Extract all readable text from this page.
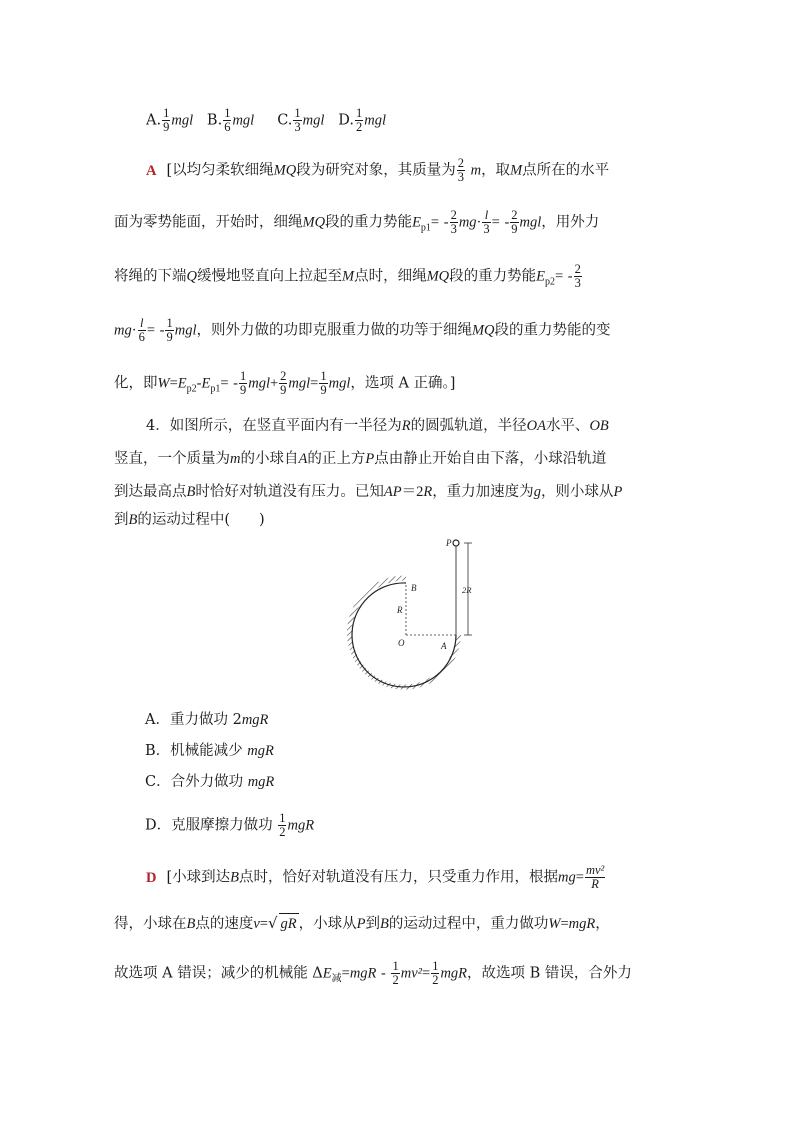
A. $\frac{1}{9}$ mgl B. $\frac{1}{6}$ mgl C. $\frac{1}{3}$ mgl D. $\frac{1}{2}$ mgl
A [以均匀柔软细绳MQ段为研究对象，其质量为 $\frac{2}{3}$ m，取M点所在的水平
面为零势能面，开始时，细绳MQ段的重力势能$E_{p1}= - \frac{2}{3} mg\cdot \frac{l}{3}$ = - $\frac{2}{9}$ mgl，用外力
将绳的下端Q缓慢地竖直向上拉起至M点时，细绳MQ段的重力势能$E_{p2}= - \frac{2}{3}$
$mg\cdot \frac{l}{6}$ = - $\frac{1}{9}$ mgl，则外力做的功即克服重力做的功等于细绳MQ段的重力势能的变
化，即$W=E_{p2}-E_{p1}= - \frac{1}{9} mgl+ \frac{2}{9} mgl= \frac{1}{9}$ mgl，选项 A 正确。]
4．如图所示，在竖直平面内有一半径为R的圆弧轨道，半径OA水平、OB
竖直，一个质量为m的小球自A的正上方P点由静止开始自由下落，小球沿轨道
到达最高点B时恰好对轨道没有压力。已知AP＝2R，重力加速度为g，则小球从P
到B的运动过程中(　　)
P
B
R
2R
O	A
A．重力做功 2mgR
B．机械能减少 mgR
C．合外力做功 mgR
D．克服摩擦力做功 $\frac{1}{2}$ mgR
D [小球到达B点时，恰好对轨道没有压力，只受重力作用，根据$mg= \frac{\text{mv²}}{R}$
得，小球在B点的速度v=√ gR ，小球从P到B的运动过程中，重力做功W=mgR，
故选项 A 错误；减少的机械能 $\Delta E_减=mgR - \frac{1}{2} mv^2= \frac{1}{2}$ mgR，故选项 B 错误，合外力
